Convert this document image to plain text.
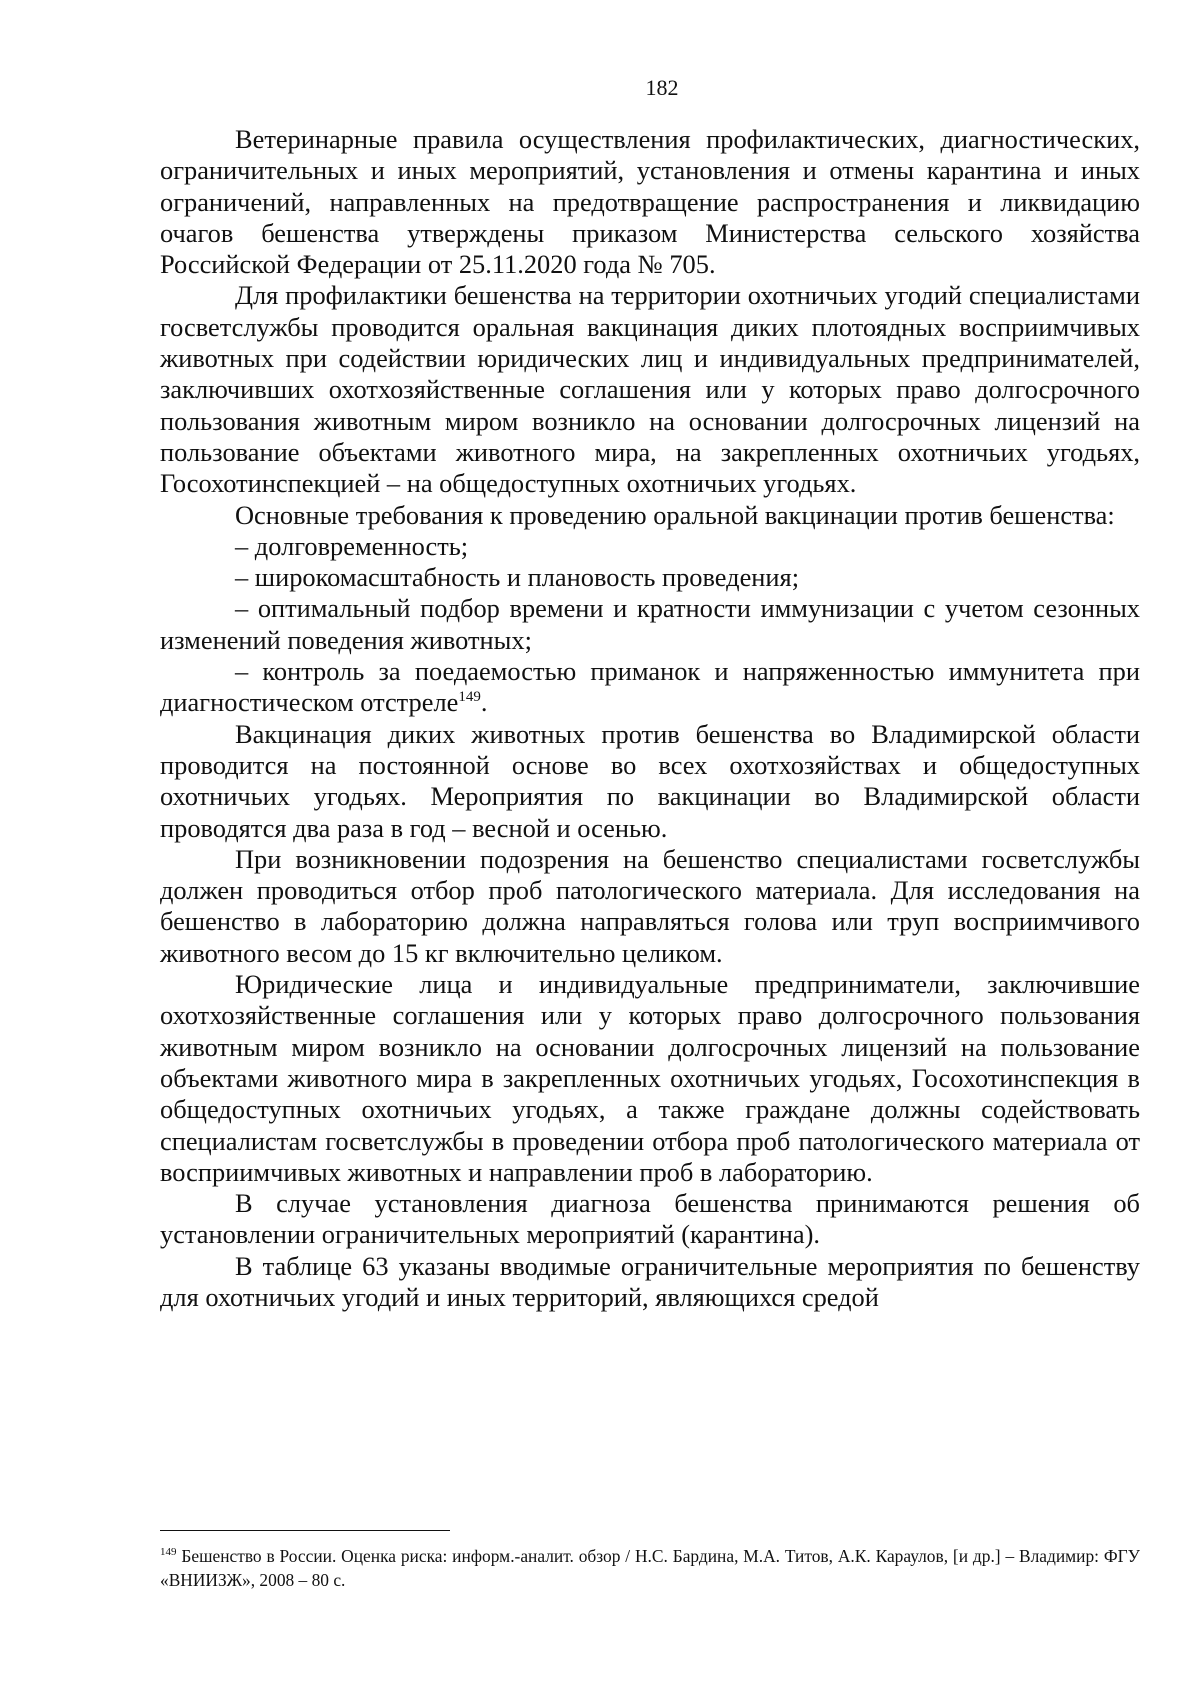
182

Ветеринарные правила осуществления профилактических, диагностических, ограничительных и иных мероприятий, установления и отмены карантина и иных ограничений, направленных на предотвращение распространения и ликвидацию очагов бешенства утверждены приказом Министерства сельского хозяйства Российской Федерации от 25.11.2020 года № 705.

Для профилактики бешенства на территории охотничьих угодий специалистами госветслужбы проводится оральная вакцинация диких плотоядных восприимчивых животных при содействии юридических лиц и индивидуальных предпринимателей, заключивших охотхозяйственные соглашения или у которых право долгосрочного пользования животным миром возникло на основании долгосрочных лицензий на пользование объектами животного мира, на закрепленных охотничьих угодьях, Госохотинспекцией – на общедоступных охотничьих угодьях.

Основные требования к проведению оральной вакцинации против бешенства:

– долговременность;

– широкомасштабность и плановость проведения;

– оптимальный подбор времени и кратности иммунизации с учетом сезонных изменений поведения животных;

– контроль за поедаемостью приманок и напряженностью иммунитета при диагностическом отстреле$^{149}$.

Вакцинация диких животных против бешенства во Владимирской области проводится на постоянной основе во всех охотхозяйствах и общедоступных охотничьих угодьях. Мероприятия по вакцинации во Владимирской области проводятся два раза в год – весной и осенью.

При возникновении подозрения на бешенство специалистами госветслужбы должен проводиться отбор проб патологического материала. Для исследования на бешенство в лабораторию должна направляться голова или труп восприимчивого животного весом до 15 кг включительно целиком.

Юридические лица и индивидуальные предприниматели, заключившие охотхозяйственные соглашения или у которых право долгосрочного пользования животным миром возникло на основании долгосрочных лицензий на пользование объектами животного мира в закрепленных охотничьих угодьях, Госохотинспекция в общедоступных охотничьих угодьях, а также граждане должны содействовать специалистам госветслужбы в проведении отбора проб патологического материала от восприимчивых животных и направлении проб в лабораторию.

В случае установления диагноза бешенства принимаются решения об установлении ограничительных мероприятий (карантина).

В таблице 63 указаны вводимые ограничительные мероприятия по бешенству для охотничьих угодий и иных территорий, являющихся средой

$^{149}$ Бешенство в России. Оценка риска: информ.-аналит. обзор / Н.С. Бардина, М.А. Титов, А.К. Караулов, [и др.] – Владимир: ФГУ «ВНИИЗЖ», 2008 – 80 с.
